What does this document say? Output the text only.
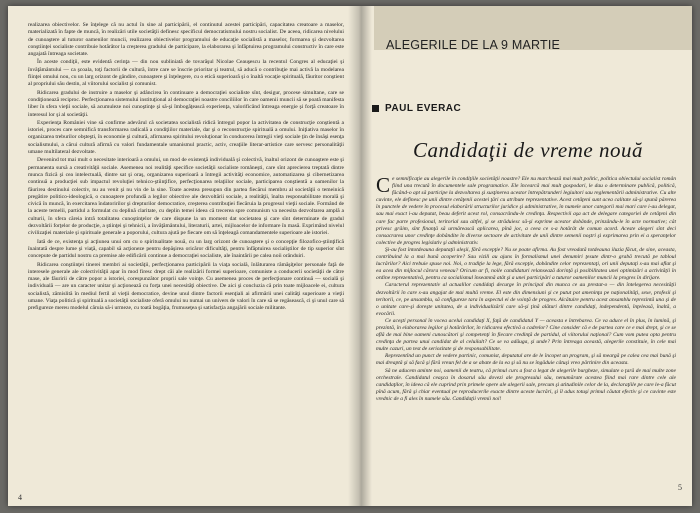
realizarea obiectivelor. Se înţelege că nu actul în sine al participării, el continutul acestei participări, capacitatea creatoare a maselor, materializată în fapte de muncă, în realizări utile societăţii definesc specificul democratismului nostru socialist. De aceea, ridicarea nivelului de cunoaştere al tuturor oamenilor muncii, realizarea obiectivelor programului de educaţie socialistă a maselor, formarea şi dezvoltarea conştiinţei socialiste contribuie hotărâtor la creşterea gradului de participare, la elaborarea şi înfăptuirea programului constructiv în care este angajată întreaga societate.

În aceste condiţii, este evidentă cerinţa — din nou subliniată de tovarăşul Nicolae Ceauşescu la recentul Congres al educaţiei şi învăţământului — ca şcoala, toţi factorii de cultură, între care se înscrie prioritar şi teatrul, să aducă o contribuţie mai activă la modelarea fiinţei omului nou, cu un larg orizont de gândire, cunoaştere şi înţelegere, cu o etică superioară şi o înaltă vocaţie spirituală, făuritor conştient al propriului său destin, al viitorului socialist şi comunist.

Ridicarea gradului de instruire a maselor şi adâncirea în continuare a democraţiei socialiste sînt, desigur, procese simultane, care se condiţionează reciproc. Perfecţionarea sistemului instituţional al democraţiei noastre conciliilor în care oamenii muncii să se poată manifesta liber în sfera vieţii sociale, să acumuleze noi cunoştinţe şi să-şi îmbogăţească experienţa, valorificând întreaga energie şi forţă creatoare în interesul lor şi al societăţii.

Experienţa României vine să confirme adevărul că societatea socialistă ridică întregul popor la activitatea de construcţie conştientă a istoriei, proces care semnifică transformarea radicală a condiţiilor materiale, dar şi o reconstrucţie spirituală a omului. Iniţiativa maselor în organizarea treburilor obşteşti, în economie şi cultură, afirmarea spiritului revoluţionar în conducerea întregii vieţi sociale ţin de însăşi esenţa socialismului, a cărui cultură afirmă cu valori fundamentale umanismul practic, activ, creaţiile literar-artistice care servesc personalităţii umane multilateral dezvoltate.

Devenind tot mai mult o necesitate interioară a omului, un mod de existenţă individuală şi colectivă, înaltul orizont de cunoaştere este şi permanenta sursă a creativităţii sociale. Asemenea noi realităţi specifice societăţii socialiste româneşti, care sînt aprecierea treptată dintre munca fizică şi cea intelectuală, dintre sat şi oraş, organizarea superioară a întregii activităţi economice, automatizarea şi cibernetizarea continuă a producţiei sub impactul revoluţiei tehnico-ştiinţifice, perfecţionarea relaţiilor sociale, participarea conştientă a oamenilor la făurirea destinului colectiv, nu au venit şi nu vin de la sine. Toate acestea presupun din partea fiecărui membru al societăţii o temeinică pregătire politico-ideologică, o cunoaştere profundă a legilor obiective ale dezvoltării sociale, a realităţii, înalta responsabilitate morală şi civică în muncă, în exercitarea îndatoririlor şi drepturilor democratice, creşterea contribuţiei fiecăruia la progresul vieţii sociale. Formând de la aceste temelii, partidul a formulat cu deplină claritate, cu deplin temei ideea că trecerea spre comunism va necesita dezvoltarea amplă a culturii, în sfera căreia intră totalitatea cunoştinţelor de care dispune la un moment dat societatea şi care sînt determinate de gradul dezvoltării forţelor de producţie, a ştiinţei şi tehnicii, a învăţământului, literaturii, artei, mijloacelor de informare în masă. Exprimând nivelul civilizaţiei materiale şi spirituale generale a poporului, cultura ajută pe fiecare om să înţeleagă comandamentele superioare ale istoriei.

Iată de ce, existenţa şi acţiunea unui om cu o spiritualitate nouă, cu un larg orizont de cunoaştere şi o concepţie filozofico-ştiinţifică înaintată despre lume şi viaţă, capabil să acţioneze pentru depăşirea oricăror dificultăţi, pentru înfăptuirea socialiştilor de tip superior sînt concepute de partidul nostru ca premise ale edificării continue a democraţiei socialiste, ale înaintării pe calea noii orânduiri.

Ridicarea conştiinţei tinerei membri ai societăţii, perfecţionarea participării la viaţa socială, înlăturarea rămăşiţelor personale faţă de interesele generale ale colectivităţii apar în mod firesc drept căi ale realizării formei superioare, comuniste a conducerii societăţii de către mase, ale făuririi de către popor a istoriei, corespunzător proprii sale voinţe. Cu asemenea proces de perfecţionare continuă — socială şi individuală — are un caracter unitar şi acţionează cu forţa unei necesităţi obiective. De aici şi concluzia că prin toate mijloacele ei, cultura socialistă, zămislită în mediul fertil al vieţii democratice, devine unul dintre factorii esenţiali ai afirmării unei calităţi superioare a vieţii umane. Viaţa politică şi spirituală a societăţii socialiste oferă omului nu numai un univers de valori în care să se regăsească, ci şi unul care să prefigureze mereu modelul căruia să-i urmeze, cu toată bogăţia, frumuseţea şi satisfacţia angajării sociale militante.

4
ALEGERILE DE LA 9 MARTIE
PAUL EVERAC
Candidaţii de vreme nouă

Ce semnificaţie au alegerile în condiţiile societăţii noastre? Ele nu marchează mai mult politic, politica obiectului socialist român fiind una trecută în documentele sale programatice. Ele încearcă mai mult gospodari, le dau o determinare publică, politică, făcând-o apt să participe la dezvoltarea şi susţinerea acestor întrepătrunderi legiuitori sau reglementării administrative. Cu alte cuvinte, ele definesc pe unii dintre cetăţenii acestei ţări cu atribute reprezentative. Acest cetăţeni sunt acea calitate să-şi spună părerea în punctele de vedere în procesul elaborării structurilor juridice şi administrative, în numele unor categorii mai mari care i-au delegat, sau mai exact i-au deputat, beau deferit acest rol, consacrându-le credinţa. Respectivii aşa act de delegare categoriei de cetăţeni din care fac parte profesional, teritorial sau altfel, şi se străduiesc să-şi exprime acestor dobânde, prinzându-le în acte normative; cât privesc grăim, sînt finanţă să urmărească aplicarea, pînă joc, a ceea ce s-a hotărât de comun acord. Aceste alegeri sînt deci consacrarea unor credinţe dobândite în diverse sectoare de activitate de unii dintre semenii noştri şi exprimarea prin ei a speranţelor colective de progres legislativ şi administrativ.

Şi-au fost întotdeauna deputaţii aleşii, fără excepţie? Nu se poate afirma. Au fost vreodată totdeauna iluzia făcut, de sine, aceasta, contribuind la a mai bună acoperire? Sau vizili au ajuns în formalismul unei denumiri ţesute dintr-o grabă trecută pe tabloul lucrărilor? Aici trebuie spuse noi. Noi, o tradiţie la lege, fără excepţie, dobândite celor reprezentaţi, ori unii deputaţi s-au mai aflat şi ea acea din mijlocul cărora veneau? Oricum ar fi, noile candidaturi relansează dorinţă şi posibilitatea unei optimizări a activităţii în ordine reprezentativă, pentru ca socialismul înseamnă atât şi a unei participări a tuturor oamenilor muncii la progres în dirijare.

Caracterul reprezentativ al actualilor candidaţi decurge în principal din munca ce au prestat-o — din întelegerea necesităţii dezvoltării în care s-au angajat de mai multă vreme. El este din dimensiuni şi ce putut pot ameninţa pe naţionalităţi, sexe, profesii şi teritorii, ce, pe ansamblu, să configureze tara în aspectul ei de voinţă de progres. Alcătuire pentru acest ansamblu reprezintă una şi de o unitate care-şi doreşte unitatea, de a individualizării care să-şi ţină alături dintre candidaţi, independentă, înţeleasă, înaltă, a evocării.

Ce aceşti personal în vocea acelui candidaţi X, faţă de candidatul Y — aceasta e întrebarea. Ce va aduce el în plus, în lumină, şi prezintă, în elaborarea legilor şi hotărârilor, în ridicarea efectivă a cadrelor? Cine consider că e de partea care ce e mai drept, şi ce se află de mai bine oameni cunoscători şi competenţi în fiecare credinţă de partidul, al viitorului naţional? Cum vom putea opta pentru credinţa de partea unui candidat de al celuilalt? Ce se va adăuga, şi unde? Prin întreaga această, alegerile constituie, în cele mai multe cazuri, un test de seriozitate şi de responsabilitate.

Reprezentînd un punct de vedere partinic, comunist, deputatul are de le încopet un program, şi să meargă pe calea cea mai bună şi mai dreaptă şi să facă şi fără vreun fel de a se abate de la ea şi să nu se îngăduie câtuşi vreo părtinire din aceasta.

Să ne aducem aminte noi, oamenii de teatru, că primul curs a fost a legat de alegerile burgheze, simulate o ţară de mai multe zone orchestrale. Candidatul ceaşca în dosarul său dovezi ale progresului său, nenumărate acestea fiind mai rare dintre cele ale candidaţilor, în ideea că ele cuprind prin primele opere ale alegerii sale, precum şi atitudinile celor de la, declaraţiile pe care le-a făcut pînă acum, fără şi chiar eventual pe reproducerile exacte dintre aceste lucrări, şi îl adus totuşi primul căutat efectiv şi ce cuvinte este vrednic de a fi ales în numele său. Candidaţii vremii noi!

5
